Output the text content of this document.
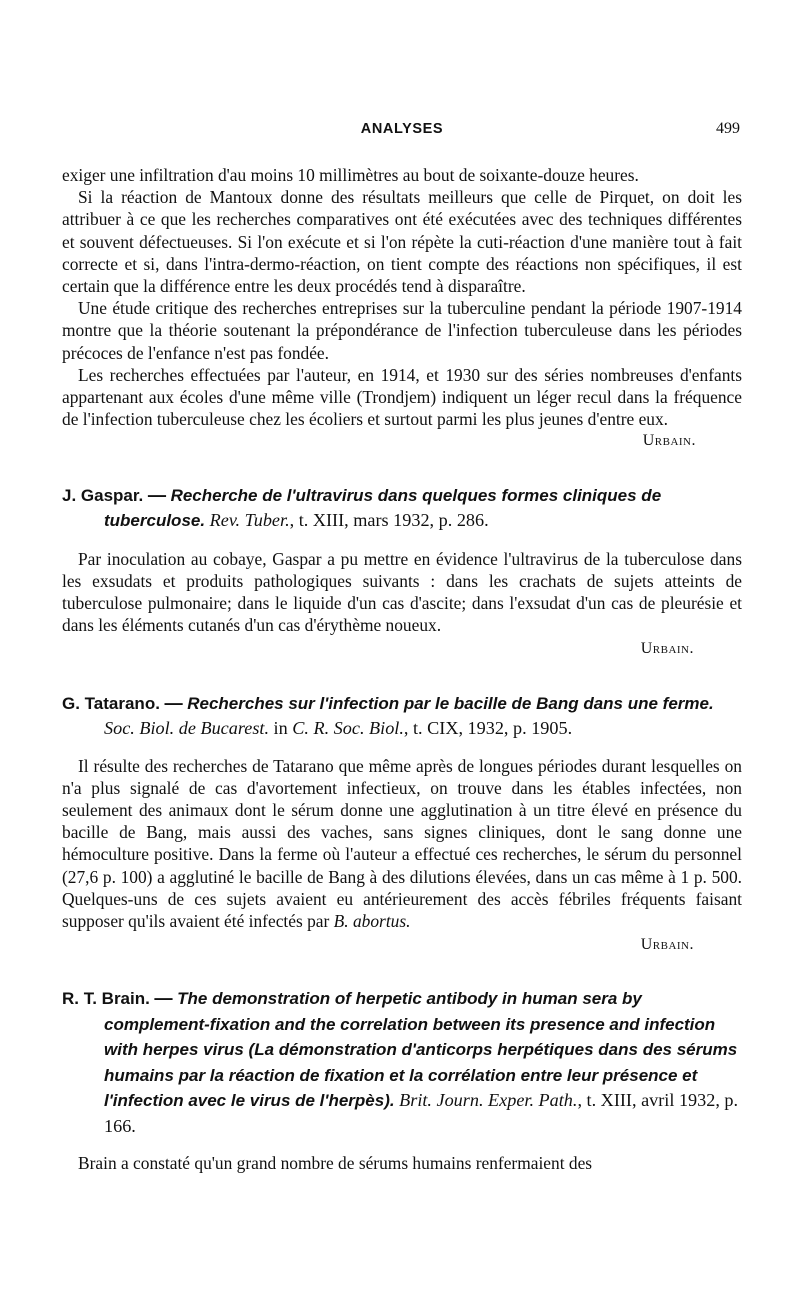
ANALYSES	499

exiger une infiltration d'au moins 10 millimètres au bout de soixante-douze heures.

Si la réaction de Mantoux donne des résultats meilleurs que celle de Pirquet, on doit les attribuer à ce que les recherches comparatives ont été exécutées avec des techniques différentes et souvent défectueuses. Si l'on exécute et si l'on répète la cuti-réaction d'une manière tout à fait correcte et si, dans l'intra-dermo-réaction, on tient compte des réactions non spécifiques, il est certain que la différence entre les deux procédés tend à disparaître.

Une étude critique des recherches entreprises sur la tuberculine pendant la période 1907-1914 montre que la théorie soutenant la prépondérance de l'infection tuberculeuse dans les périodes précoces de l'enfance n'est pas fondée.

Les recherches effectuées par l'auteur, en 1914, et 1930 sur des séries nombreuses d'enfants appartenant aux écoles d'une même ville (Trondjem) indiquent un léger recul dans la fréquence de l'infection tuberculeuse chez les écoliers et surtout parmi les plus jeunes d'entre eux.
Urbain.

J. Gaspar. — Recherche de l'ultravirus dans quelques formes cliniques de tuberculose. Rev. Tuber., t. XIII, mars 1932, p. 286.

Par inoculation au cobaye, Gaspar a pu mettre en évidence l'ultravirus de la tuberculose dans les exsudats et produits pathologiques suivants : dans les crachats de sujets atteints de tuberculose pulmonaire; dans le liquide d'un cas d'ascite; dans l'exsudat d'un cas de pleurésie et dans les éléments cutanés d'un cas d'érythème noueux.

Urbain.

G. Tatarano. — Recherches sur l'infection par le bacille de Bang dans une ferme. Soc. Biol. de Bucarest. in C. R. Soc. Biol., t. CIX, 1932, p. 1905.

Il résulte des recherches de Tatarano que même après de longues périodes durant lesquelles on n'a plus signalé de cas d'avortement infectieux, on trouve dans les étables infectées, non seulement des animaux dont le sérum donne une agglutination à un titre élevé en présence du bacille de Bang, mais aussi des vaches, sans signes cliniques, dont le sang donne une hémoculture positive. Dans la ferme où l'auteur a effectué ces recherches, le sérum du personnel (27,6 p. 100) a agglutiné le bacille de Bang à des dilutions élevées, dans un cas même à 1 p. 500. Quelques-uns de ces sujets avaient eu antérieurement des accès fébriles fréquents faisant supposer qu'ils avaient été infectés par B. abortus.

Urbain.

R. T. Brain. — The demonstration of herpetic antibody in human sera by complement-fixation and the correlation between its presence and infection with herpes virus (La démonstration d'anticorps herpétiques dans des sérums humains par la réaction de fixation et la corrélation entre leur présence et l'infection avec le virus de l'herpès). Brit. Journ. Exper. Path., t. XIII, avril 1932, p. 166.

Brain a constaté qu'un grand nombre de sérums humains renfermaient des
